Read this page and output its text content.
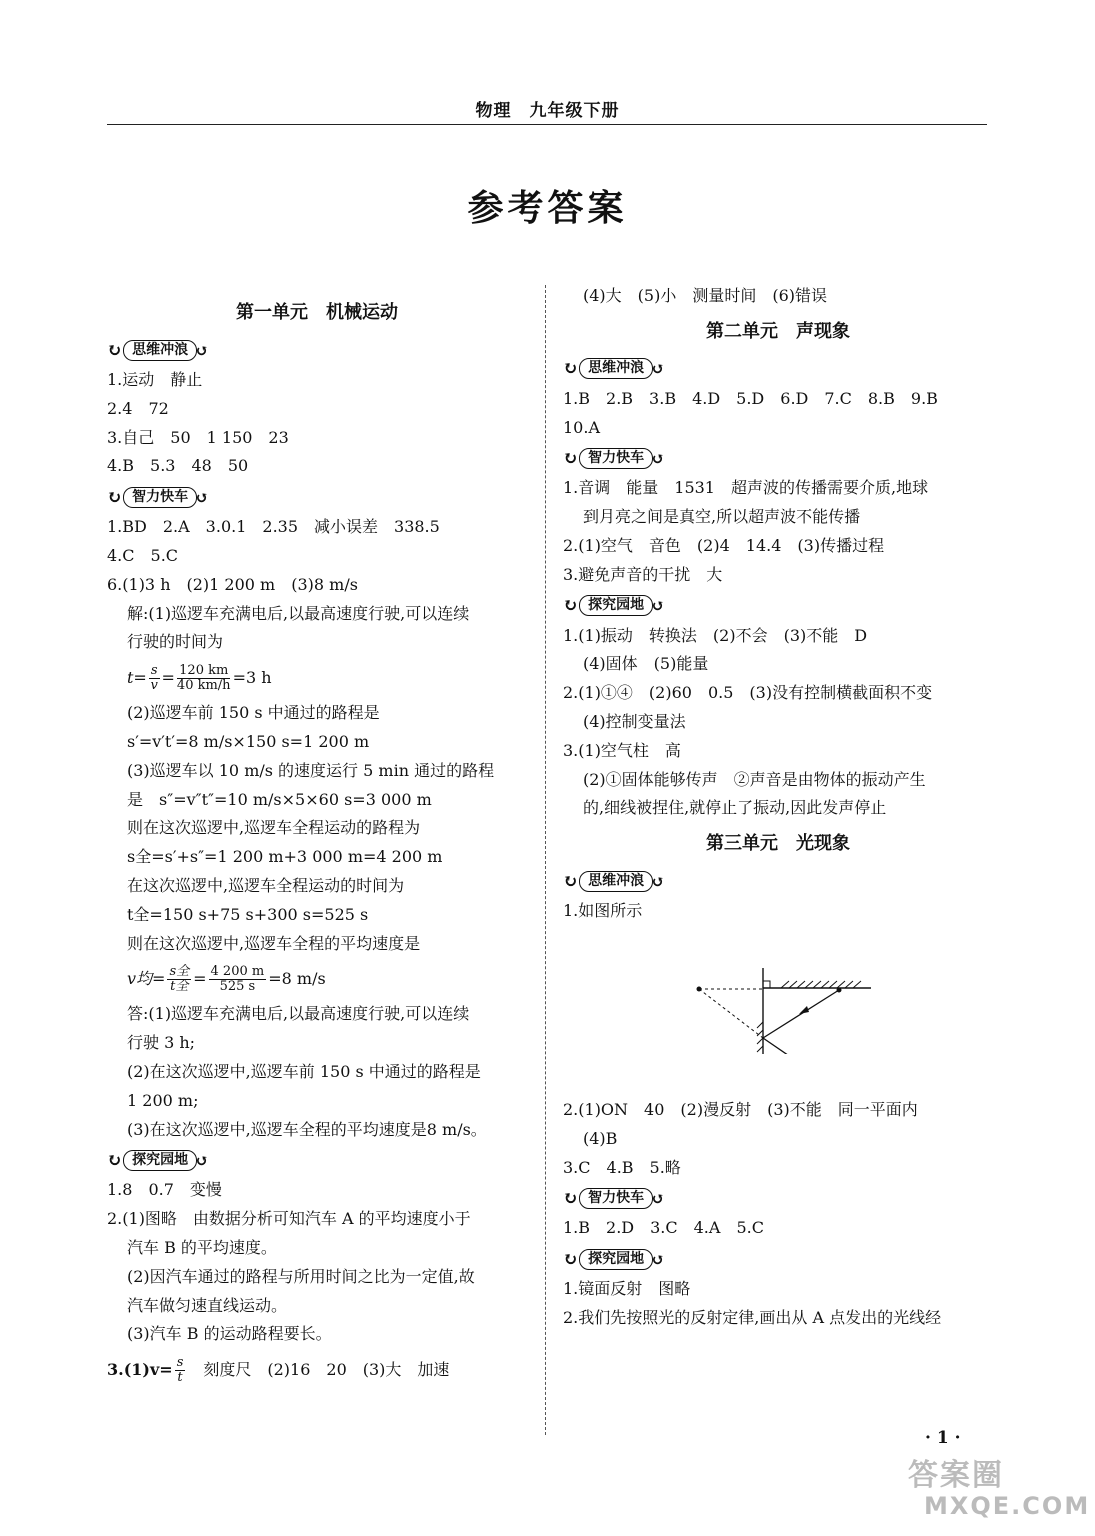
物理　九年级下册
参考答案
第一单元　机械运动
↻ 思维冲浪 ↺
1.运动　静止
2.4　72
3.自己　50　1 150　23
4.B　5.3　48　50
↻ 智力快车 ↺
1.BD　2.A　3.0.1　2.35　减小误差　338.5
4.C　5.C
6.(1)3 h　(2)1 200 m　(3)8 m/s
解:(1)巡逻车充满电后,以最高速度行驶,可以连续
行驶的时间为
$t= \frac{s}{v} = \frac{120 km}{40 km/h} =3$ h
(2)巡逻车前 150 s 中通过的路程是
s′=v′t′=8 m/s×150 s=1 200 m
(3)巡逻车以 10 m/s 的速度运行 5 min 通过的路程
是　s″=v″t″=10 m/s×5×60 s=3 000 m
则在这次巡逻中,巡逻车全程运动的路程为
s全=s′+s″=1 200 m+3 000 m=4 200 m
在这次巡逻中,巡逻车全程运动的时间为
t全=150 s+75 s+300 s=525 s
则在这次巡逻中,巡逻车全程的平均速度是
v均= $\frac{\text{s全}}{\text{t全}} = \frac{4 200 m}{525 s} =8$ m/s
答:(1)巡逻车充满电后,以最高速度行驶,可以连续
行驶 3 h;
(2)在这次巡逻中,巡逻车前 150 s 中通过的路程是
1 200 m;
(3)在这次巡逻中,巡逻车全程的平均速度是8 m/s。
↻ 探究园地 ↺
1.8　0.7　变慢
2.(1)图略　由数据分析可知汽车 A 的平均速度小于
汽车 B 的平均速度。
(2)因汽车通过的路程与所用时间之比为一定值,故
汽车做匀速直线运动。
(3)汽车 B 的运动路程要长。
$3.(1)v= \frac{s}{t}$ 　刻度尺　(2)16　20　(3)大　加速
(4)大　(5)小　测量时间　(6)错误
第二单元　声现象
↻ 思维冲浪 ↺
1.B　2.B　3.B　4.D　5.D　6.D　7.C　8.B　9.B
10.A
↻ 智力快车 ↺
1.音调　能量　1531　超声波的传播需要介质,地球
到月亮之间是真空,所以超声波不能传播
2.(1)空气　音色　(2)4　14.4　(3)传播过程
3.避免声音的干扰　大
↻ 探究园地 ↺
1.(1)振动　转换法　(2)不会　(3)不能　D
(4)固体　(5)能量
2.(1)①④　(2)60　0.5　(3)没有控制横截面积不变
(4)控制变量法
3.(1)空气柱　高
(2)①固体能够传声　②声音是由物体的振动产生
的,细线被捏住,就停止了振动,因此发声停止
第三单元　光现象
↻ 思维冲浪 ↺
1.如图所示
2.(1)ON　40　(2)漫反射　(3)不能　同一平面内
(4)B
3.C　4.B　5.略
↻ 智力快车 ↺
1.B　2.D　3.C　4.A　5.C
↻ 探究园地 ↺
1.镜面反射　图略
2.我们先按照光的反射定律,画出从 A 点发出的光线经
· 1 ·
答案圈
MXQE.COM
